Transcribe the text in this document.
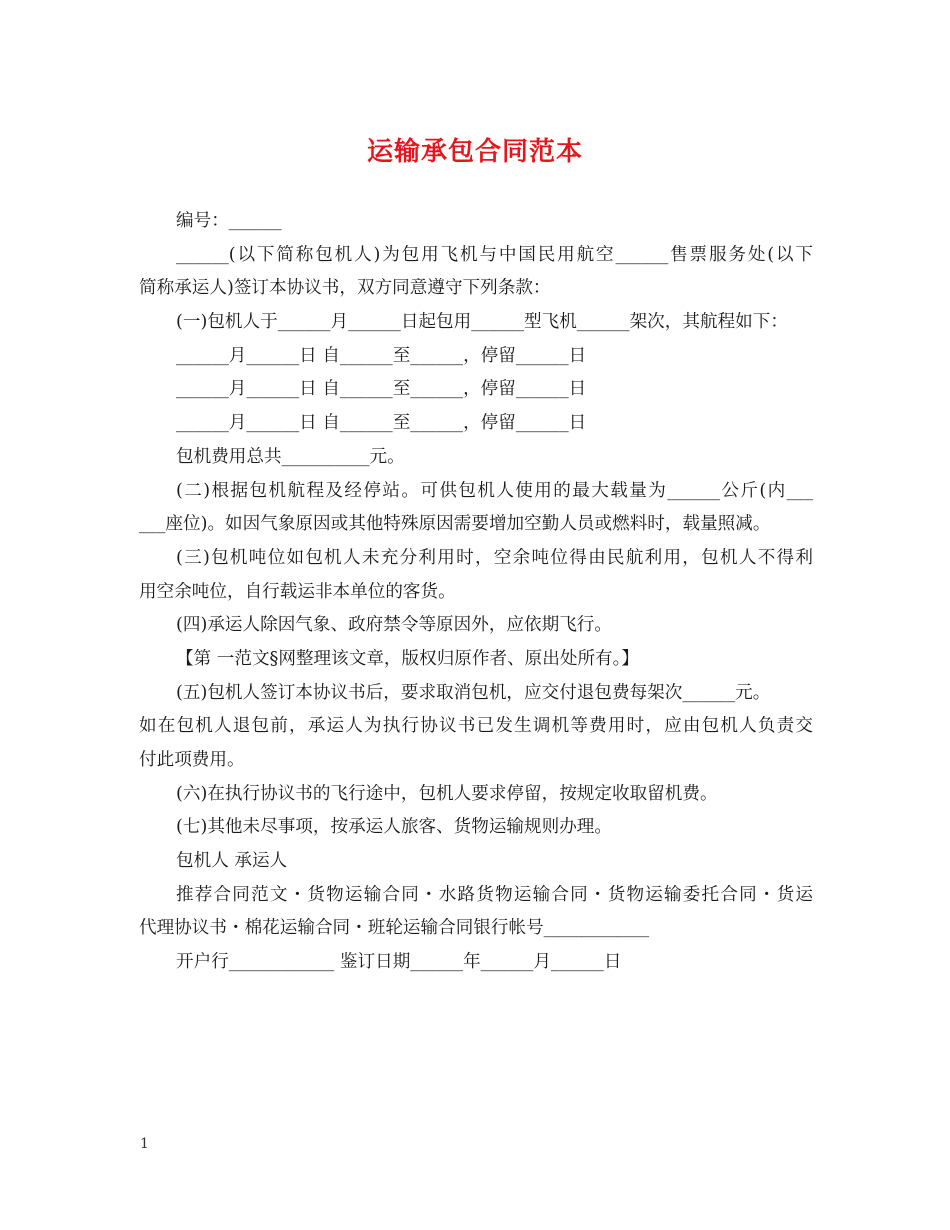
运输承包合同范本
编号：______
______(以下简称包机人)为包用飞机与中国民用航空______售票服务处(以下
简称承运人)签订本协议书，双方同意遵守下列条款：
(一)包机人于______月______日起包用______型飞机______架次，其航程如下：
______月______日 自______至______，停留______日
______月______日 自______至______，停留______日
______月______日 自______至______，停留______日
包机费用总共__________元。
(二)根据包机航程及经停站。可供包机人使用的最大载量为______公斤(内___
___座位)。如因气象原因或其他特殊原因需要增加空勤人员或燃料时，载量照减。
(三)包机吨位如包机人未充分利用时，空余吨位得由民航利用，包机人不得利
用空余吨位，自行载运非本单位的客货。
(四)承运人除因气象、政府禁令等原因外，应依期飞行。
【第 一范文§网整理该文章，版权归原作者、原出处所有。】
(五)包机人签订本协议书后，要求取消包机，应交付退包费每架次______元。
如在包机人退包前，承运人为执行协议书已发生调机等费用时，应由包机人负责交
付此项费用。
(六)在执行协议书的飞行途中，包机人要求停留，按规定收取留机费。
(七)其他未尽事项，按承运人旅客、货物运输规则办理。
包机人 承运人
推荐合同范文・货物运输合同・水路货物运输合同・货物运输委托合同・货运
代理协议书・棉花运输合同・班轮运输合同银行帐号____________
开户行____________ 鉴订日期______年______月______日
1
